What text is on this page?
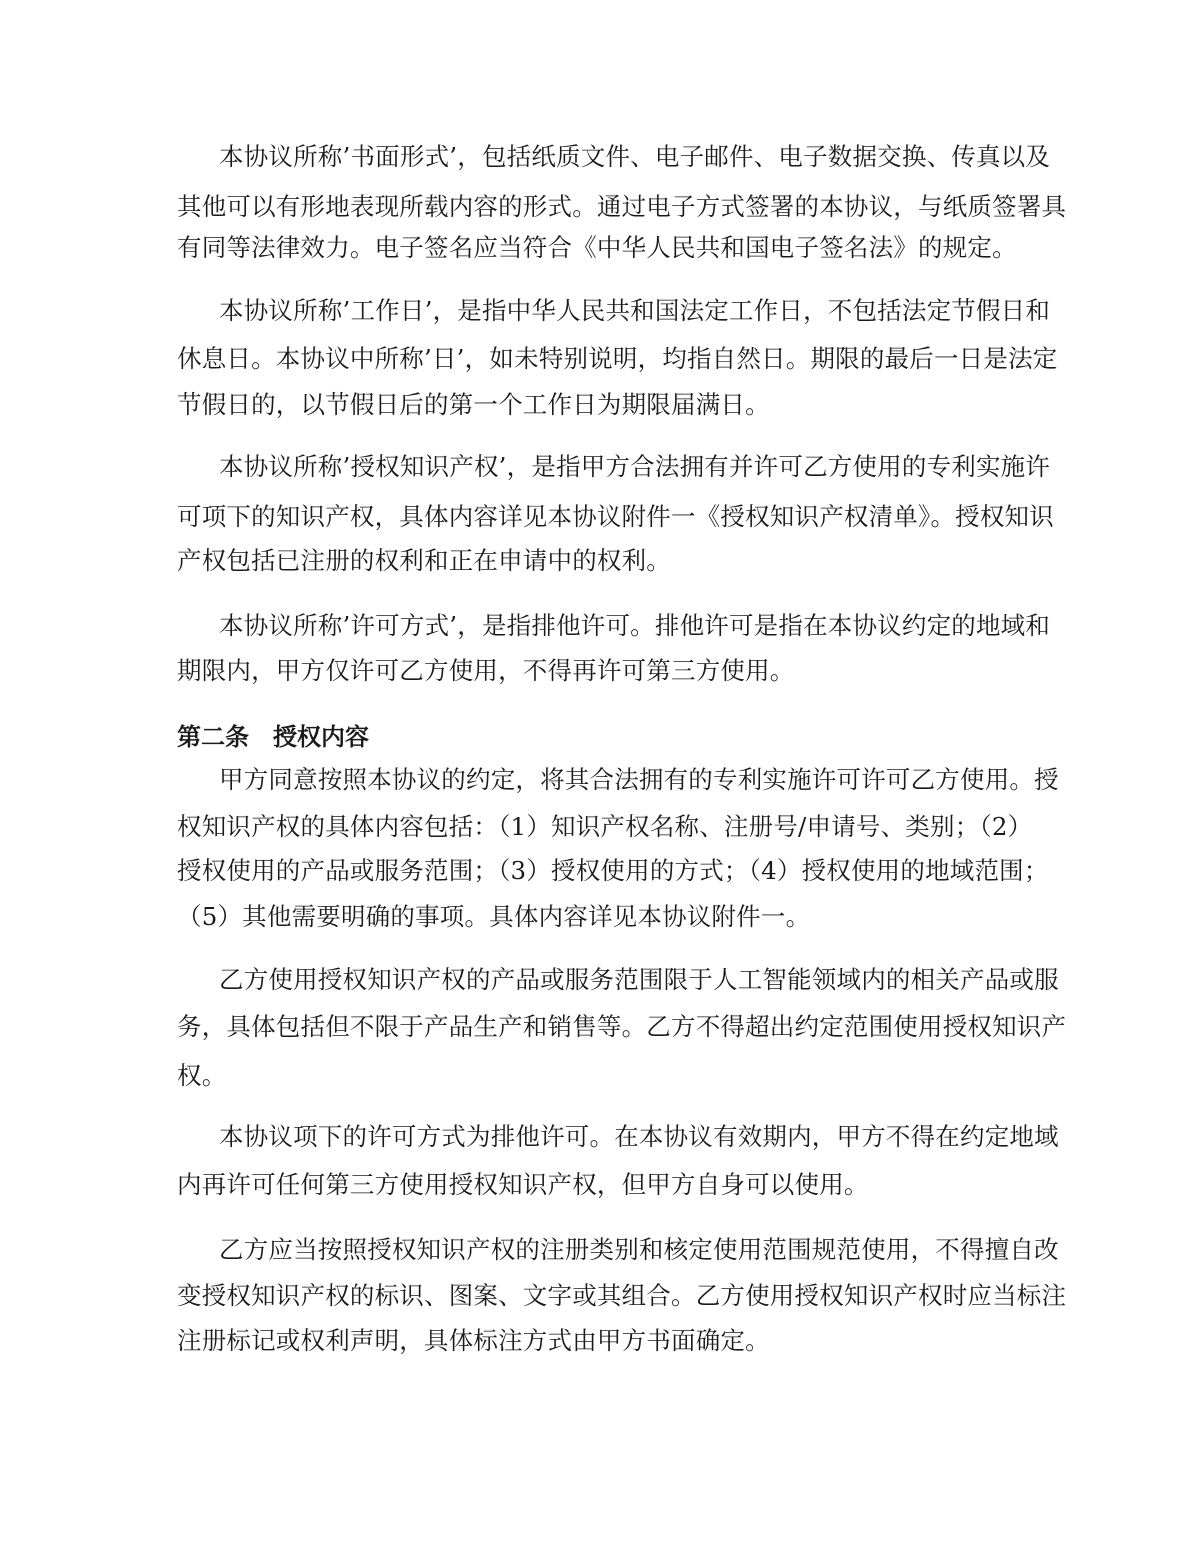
本协议所称’书面形式’，包括纸质文件、电子邮件、电子数据交换、传真以及
其他可以有形地表现所载内容的形式。通过电子方式签署的本协议，与纸质签署具
有同等法律效力。电子签名应当符合《中华人民共和国电子签名法》的规定。
本协议所称’工作日’，是指中华人民共和国法定工作日，不包括法定节假日和
休息日。本协议中所称’日’，如未特别说明，均指自然日。期限的最后一日是法定
节假日的，以节假日后的第一个工作日为期限届满日。
本协议所称’授权知识产权’，是指甲方合法拥有并许可乙方使用的专利实施许
可项下的知识产权，具体内容详见本协议附件一《授权知识产权清单》。授权知识
产权包括已注册的权利和正在申请中的权利。
本协议所称’许可方式’，是指排他许可。排他许可是指在本协议约定的地域和
期限内，甲方仅许可乙方使用，不得再许可第三方使用。
第二条　授权内容
甲方同意按照本协议的约定，将其合法拥有的专利实施许可许可乙方使用。授
权知识产权的具体内容包括：（1）知识产权名称、注册号/申请号、类别；（2）
授权使用的产品或服务范围；（3）授权使用的方式；（4）授权使用的地域范围；
（5）其他需要明确的事项。具体内容详见本协议附件一。
乙方使用授权知识产权的产品或服务范围限于人工智能领域内的相关产品或服
务，具体包括但不限于产品生产和销售等。乙方不得超出约定范围使用授权知识产
权。
本协议项下的许可方式为排他许可。在本协议有效期内，甲方不得在约定地域
内再许可任何第三方使用授权知识产权，但甲方自身可以使用。
乙方应当按照授权知识产权的注册类别和核定使用范围规范使用，不得擅自改
变授权知识产权的标识、图案、文字或其组合。乙方使用授权知识产权时应当标注
注册标记或权利声明，具体标注方式由甲方书面确定。
